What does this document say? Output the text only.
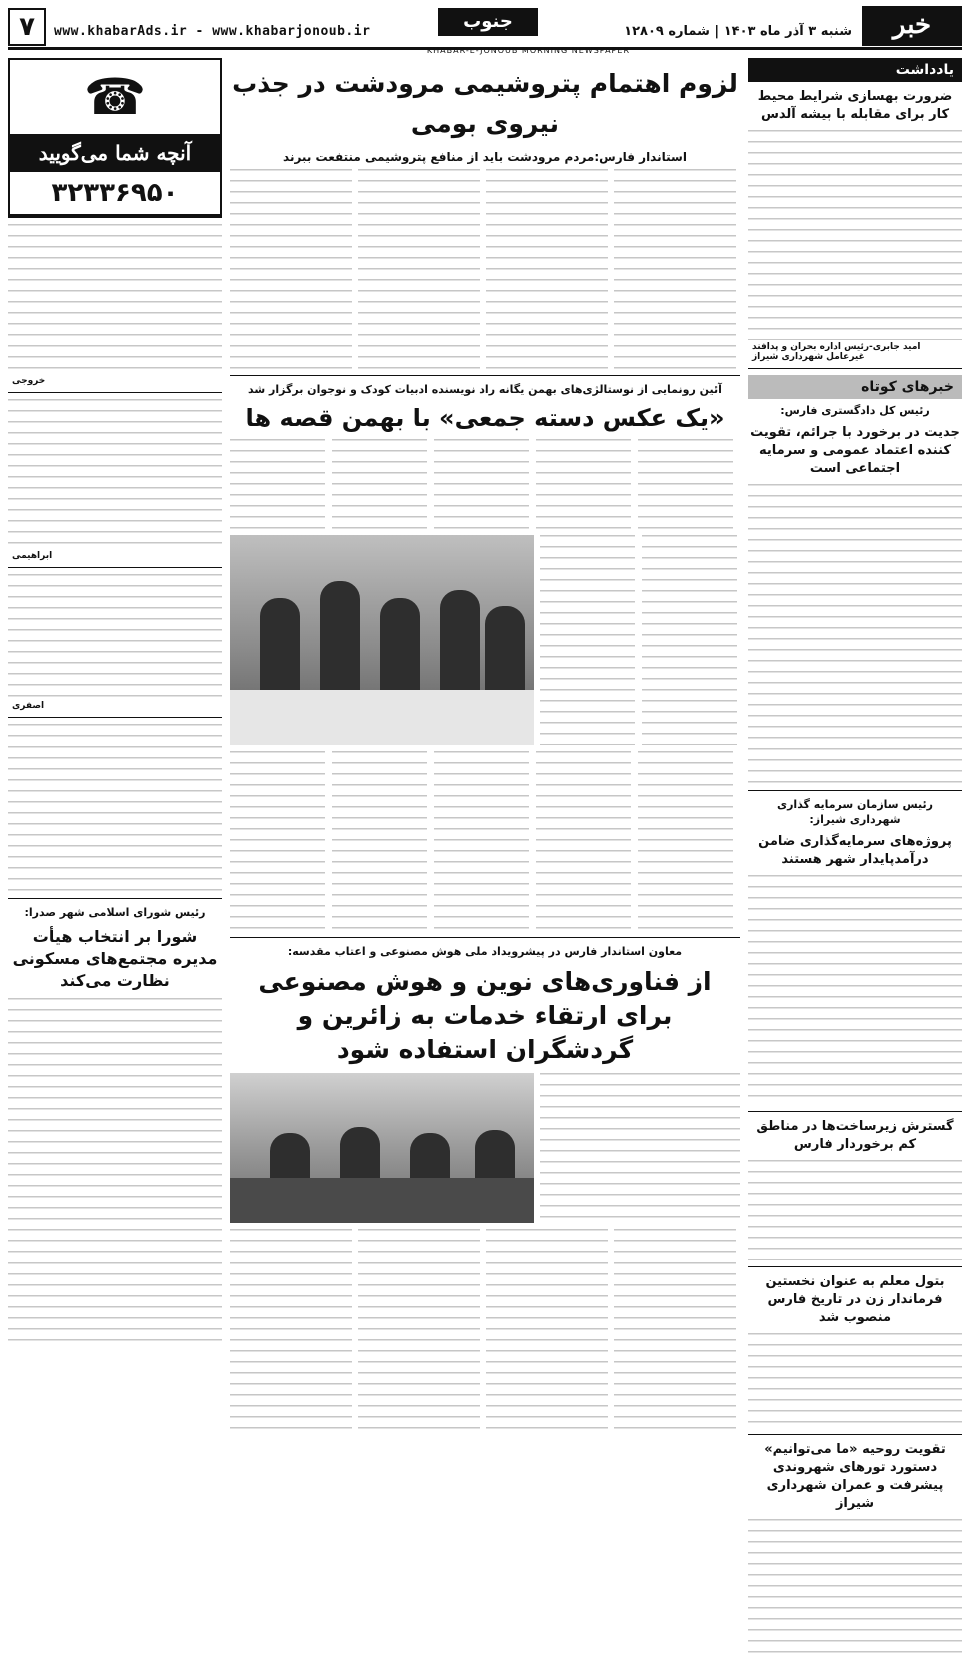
۷	www.khabarAds.ir - www.khabarjonoub.ir	جنوب	شنبه ۳ آذر ماه ۱۴۰۳ | شماره ۱۲۸۰۹	خبر
KHABAR-E-JONOUB MORNING NEWSPAPER
یادداشت
ضرورت بهسازی شرایط محیط کار برای مقابله با بیشه آلدس
امید جابری-رئیس اداره بحران و پدافند غیرعامل شهرداری شیراز
خبرهای کوتاه
رئیس کل دادگستری فارس:
جدیت در برخورد با جرائم، تقویت کننده اعتماد عمومی و سرمایه اجتماعی است
رئیس سازمان سرمایه گذاری شهرداری شیراز:
پروژه‌های سرمایه‌گذاری ضامن درآمدپایدار شهر هستند
گسترش زیرساخت‌ها در مناطق کم برخوردار فارس
بتول معلم به عنوان نخستین فرماندار زن در تاریخ فارس منصوب شد
تقویت روحیه «ما می‌توانیم» دستورد تورهای شهروندی پیشرفت و عمران شهرداری شیراز
لزوم اهتمام پتروشیمی مرودشت در جذب نیروی بومی
استاندار فارس:مردم مرودشت باید از منافع پتروشیمی منتفعت ببرند
آئین رونمایی از نوستالژی‌های بهمن یگانه راد نویسنده ادبیات کودک و نوجوان برگزار شد
«یک عکس دسته جمعی» با بهمن قصه ها
معاون استاندار فارس در پیشرویداد ملی هوش مصنوعی و اعتاب مقدسه:
از فناوری‌های نوین و هوش مصنوعی برای ارتقاء خدمات به زائرین و گردشگران استفاده شود
☎
آنچه شما می‌گویید
۳۲۳۳۶۹۵۰
خروجی
ابراهیمی
اصفری
رئیس شورای اسلامی شهر صدرا:
شورا بر انتخاب هیأت مدیره مجتمع‌های مسکونی نظارت می‌کند
